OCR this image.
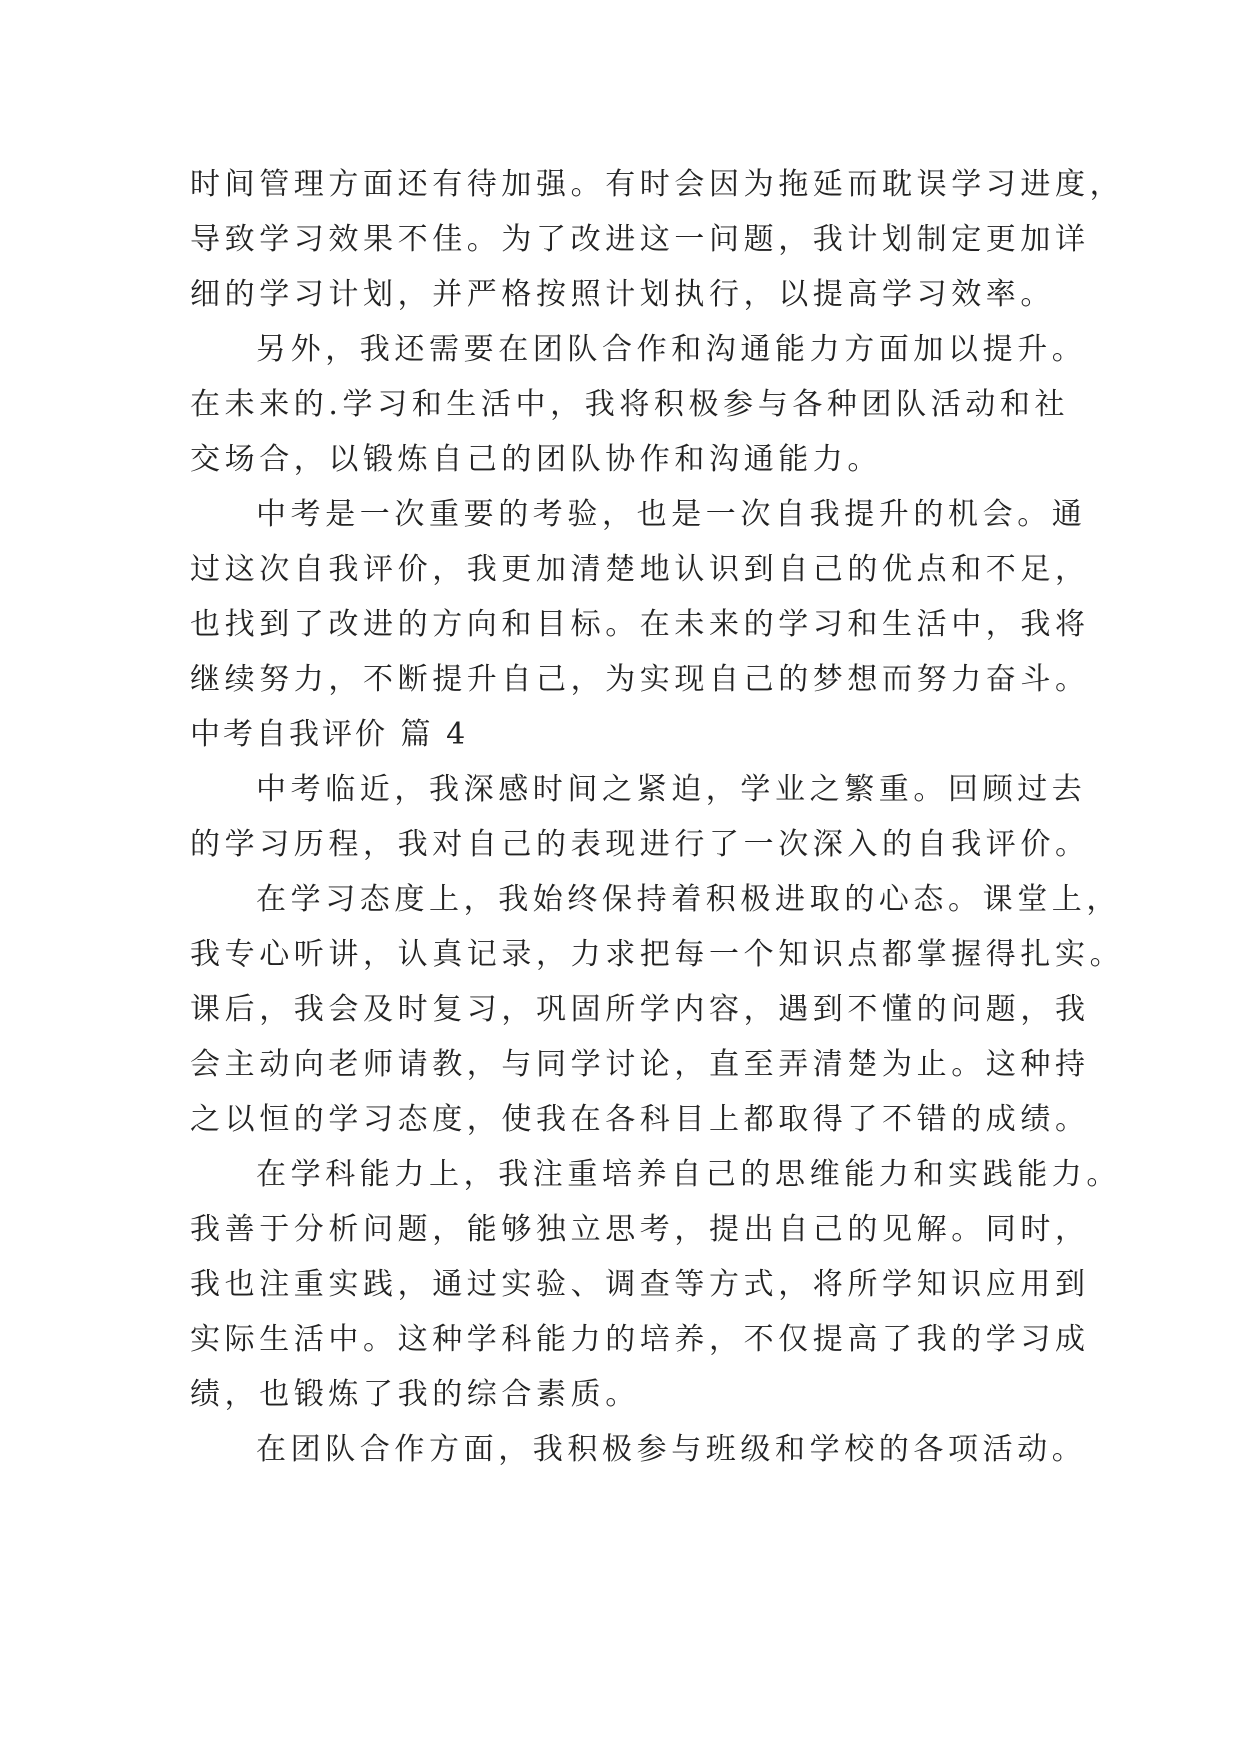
时间管理方面还有待加强。有时会因为拖延而耽误学习进度，
导致学习效果不佳。为了改进这一问题，我计划制定更加详
细的学习计划，并严格按照计划执行，以提高学习效率。
另外，我还需要在团队合作和沟通能力方面加以提升。
在未来的.学习和生活中，我将积极参与各种团队活动和社
交场合，以锻炼自己的团队协作和沟通能力。
中考是一次重要的考验，也是一次自我提升的机会。通
过这次自我评价，我更加清楚地认识到自己的优点和不足，
也找到了改进的方向和目标。在未来的学习和生活中，我将
继续努力，不断提升自己，为实现自己的梦想而努力奋斗。
中考自我评价 篇 4
中考临近，我深感时间之紧迫，学业之繁重。回顾过去
的学习历程，我对自己的表现进行了一次深入的自我评价。
在学习态度上，我始终保持着积极进取的心态。课堂上，
我专心听讲，认真记录，力求把每一个知识点都掌握得扎实。
课后，我会及时复习，巩固所学内容，遇到不懂的问题，我
会主动向老师请教，与同学讨论，直至弄清楚为止。这种持
之以恒的学习态度，使我在各科目上都取得了不错的成绩。
在学科能力上，我注重培养自己的思维能力和实践能力。
我善于分析问题，能够独立思考，提出自己的见解。同时，
我也注重实践，通过实验、调查等方式，将所学知识应用到
实际生活中。这种学科能力的培养，不仅提高了我的学习成
绩，也锻炼了我的综合素质。
在团队合作方面，我积极参与班级和学校的各项活动。
